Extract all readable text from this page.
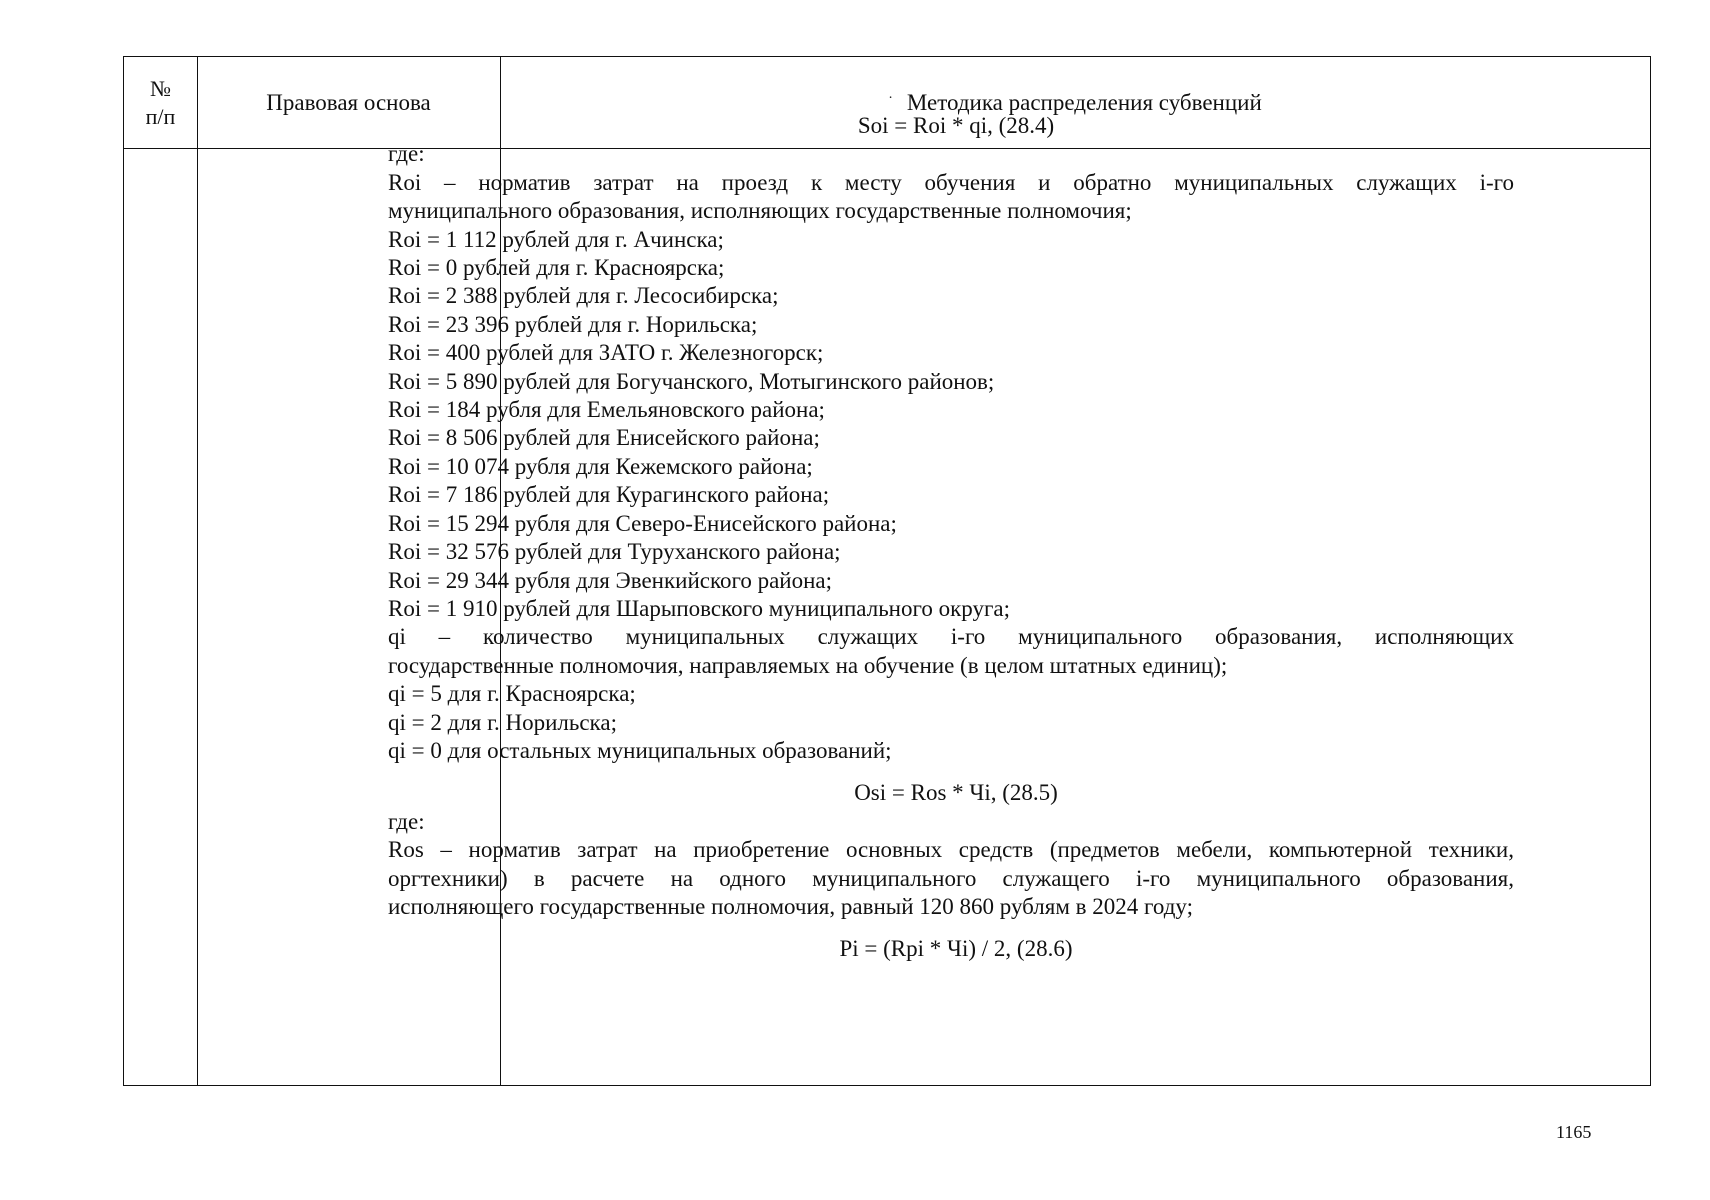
№
п/п
Правовая основа	· Методика распределения субвенций
Soi = Roi * qi, (28.4)
где:
Roi – норматив затрат на проезд к месту обучения и обратно муниципальных служащих i-го
муниципального образования, исполняющих государственные полномочия;
Roi = 1 112 рублей для г. Ачинска;
Roi = 0 рублей для г. Красноярска;
Roi = 2 388 рублей для г. Лесосибирска;
Roi = 23 396 рублей для г. Норильска;
Roi = 400 рублей для ЗАТО г. Железногорск;
Roi = 5 890 рублей для Богучанского, Мотыгинского районов;
Roi = 184 рубля для Емельяновского района;
Roi = 8 506 рублей для Енисейского района;
Roi = 10 074 рубля для Кежемского района;
Roi = 7 186 рублей для Курагинского района;
Roi = 15 294 рубля для Северо-Енисейского района;
Roi = 32 576 рублей для Туруханского района;
Roi = 29 344 рубля для Эвенкийского района;
Roi = 1 910 рублей для Шарыповского муниципального округа;
qi – количество муниципальных служащих i-го муниципального образования, исполняющих
государственные полномочия, направляемых на обучение (в целом штатных единиц);
qi = 5 для г. Красноярска;
qi = 2 для г. Норильска;
qi = 0 для остальных муниципальных образований;
Osi = Ros * Чi, (28.5)
где:
Ros – норматив затрат на приобретение основных средств (предметов мебели, компьютерной техники,
оргтехники) в расчете на одного муниципального служащего i-го муниципального образования,
исполняющего государственные полномочия, равный 120 860 рублям в 2024 году;
Pi = (Rpi * Чi) / 2, (28.6)
1165
